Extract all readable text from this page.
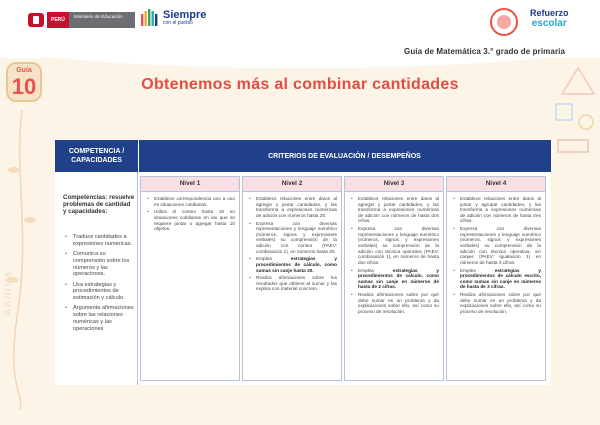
PERÚ
Ministerio de Educación	Siempre
con el pueblo
Refuerzo
escolar
Guía de Matemática 3.° grado de primaria
Guía
10	Obtenemos más al combinar cantidades
Andina
COMPETENCIA / CAPACIDADES
CRITERIOS DE EVALUACIÓN / DESEMPEÑOS
Competencias: resuelve problemas de cantidad y capacidades:
• Traduce cantidades a expresiones numéricas.
• Comunica su comprensión sobre los números y las operaciones.
• Usa estrategias y procedimientos de estimación y cálculo.
• Argumenta afirmaciones sobre las relaciones numéricas y las operaciones
Nivel 1
• Establece correspondencia uno a uno en situaciones cotidianas.
• Utiliza el conteo hasta 10 en situaciones cotidianas en las que se requiere juntar o agregar hasta 10 objetos.
Nivel 2
• Establece relaciones entre datos al agregar y juntar cantidades, y las transforma a expresiones numéricas de adición con números hasta 20.
• Expresa con diversas representaciones y lenguaje numérico (números, signos y expresiones verbales) su comprensión de la adición con conteo (PAEV: combinación 1), en números hasta 20.
• Emplea estrategias y procedimientos de cálculo, como sumas sin canje hasta 20.
• Realiza afirmaciones sobre los resultados que obtiene al sumar y las explica con material concreto.
Nivel 3
• Establece relaciones entre datos al agregar y juntar cantidades, y las transforma a expresiones numéricas de adición con números de hasta dos cifras.
• Expresa con diversas representaciones y lenguaje numérico (números, signos y expresiones verbales) su comprensión de la adición con técnica operativa (PAEV: combinación 1), en números de hasta dos cifras.
• Emplea estrategias y procedimientos de cálculo, como sumas sin canje en números de hasta de 2 cifras.
• Realiza afirmaciones sobre por qué debe sumar en un problema y da explicaciones sobre ello, así como su proceso de resolución.
Nivel 4
• Establece relaciones entre datos al juntar y agrupar cantidades, y las transforma a expresiones numéricas de adición con números de hasta tres cifras.
• Expresa con diversas representaciones y lenguaje numérico (números, signos y expresiones verbales) su comprensión de la adición con técnica operativa, sin canjes (PAEV: igualación 1) en números de hasta 3 cifras.
• Emplea estrategias y procedimientos de cálculo escrito, como sumas sin canje en números de hasta de 3 cifras.
• Realiza afirmaciones sobre por qué debe sumar en un problema y da explicaciones sobre ello, así como su proceso de resolución.
